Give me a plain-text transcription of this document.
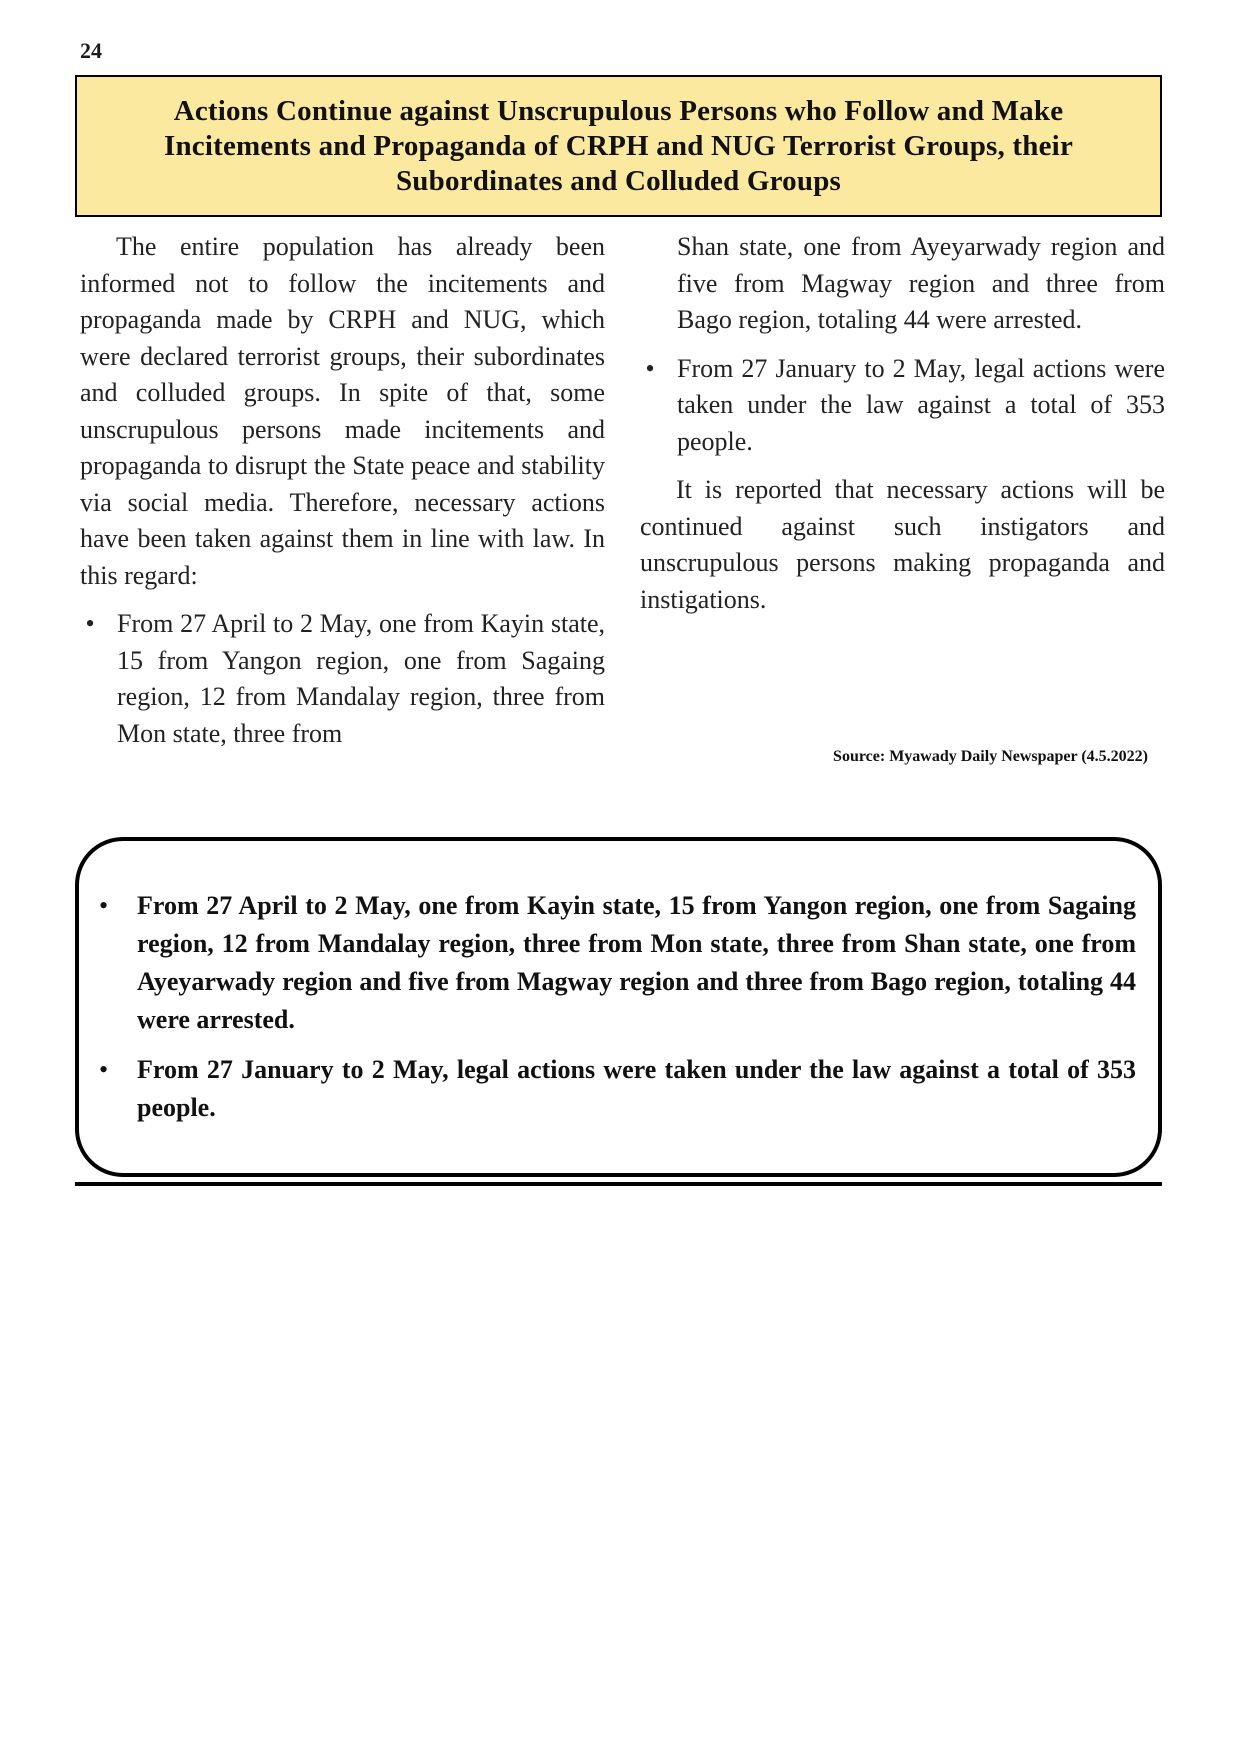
24
Actions Continue against Unscrupulous Persons who Follow and Make Incitements and Propaganda of CRPH and NUG Terrorist Groups, their Subordinates and Colluded Groups

The entire population has already been informed not to follow the incitements and propaganda made by CRPH and NUG, which were declared terrorist groups, their subordinates and colluded groups. In spite of that, some unscrupulous persons made incitements and propaganda to disrupt the State peace and stability via social media. Therefore, necessary actions have been taken against them in line with law. In this regard:

• From 27 April to 2 May, one from Kayin state, 15 from Yangon region, one from Sagaing region, 12 from Mandalay region, three from Mon state, three from

Shan state, one from Ayeyarwady region and five from Magway region and three from Bago region, totaling 44 were arrested.

• From 27 January to 2 May, legal actions were taken under the law against a total of 353 people.

It is reported that necessary actions will be continued against such instigators and unscrupulous persons making propaganda and instigations.

Source: Myawady Daily Newspaper (4.5.2022)
• From 27 April to 2 May, one from Kayin state, 15 from Yangon region, one from Sagaing region, 12 from Mandalay region, three from Mon state, three from Shan state, one from Ayeyarwady region and five from Magway region and three from Bago region, totaling 44 were arrested.
• From 27 January to 2 May, legal actions were taken under the law against a total of 353 people.
